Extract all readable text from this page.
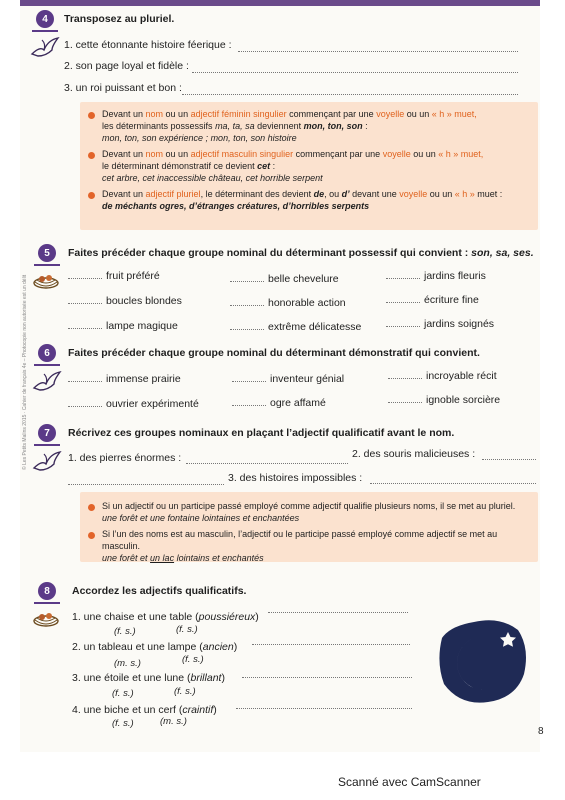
4	Transposez au pluriel.
1. cette étonnante histoire féerique :
2. son page loyal et fidèle :
3. un roi puissant et bon :
Devant un nom ou un adjectif féminin singulier commençant par une voyelle ou un « h » muet,
les déterminants possessifs ma, ta, sa deviennent mon, ton, son :
mon, ton, son expérience ; mon, ton, son histoire
Devant un nom ou un adjectif masculin singulier commençant par une voyelle ou un « h » muet,
le déterminant démonstratif ce devient cet :
cet arbre, cet inaccessible château, cet horrible serpent
Devant un adjectif pluriel, le déterminant des devient de, ou d’ devant une voyelle ou un « h » muet :
de méchants ogres, d’étranges créatures, d’horribles serpents
5	Faites précéder chaque groupe nominal du déterminant possessif qui convient : son, sa, ses.
fruit préféré	belle chevelure	jardins fleuris
boucles blondes	honorable action	écriture fine
lampe magique	extrême délicatesse	jardins soignés
6	Faites précéder chaque groupe nominal du déterminant démonstratif qui convient.
immense prairie	inventeur génial	incroyable récit
ouvrier expérimenté	ogre affamé	ignoble sorcière
7	Récrivez ces groupes nominaux en plaçant l’adjectif qualificatif avant le nom.
1. des pierres énormes :	2. des souris malicieuses :
3. des histoires impossibles :
Si un adjectif ou un participe passé employé comme adjectif qualifie plusieurs noms, il se met au pluriel.
une forêt et une fontaine lointaines et enchantées
Si l’un des noms est au masculin, l’adjectif ou le participe passé employé comme adjectif se met au masculin.
une forêt et un lac lointains et enchantés
8	Accordez les adjectifs qualificatifs.
1. une chaise et une table (poussiéreux)
(f. s.)	(f. s.)
2. un tableau et une lampe (ancien)
(m. s.)	(f. s.)
3. une étoile et une lune (brillant)
(f. s.)	(f. s.)
4. une biche et un cerf (craintif)
(f. s.)	(m. s.)
8
© Les Petits Malins 2015 · Cahier de français 4e – Photocopie non autorisée est un délit
Scanné avec CamScanner
